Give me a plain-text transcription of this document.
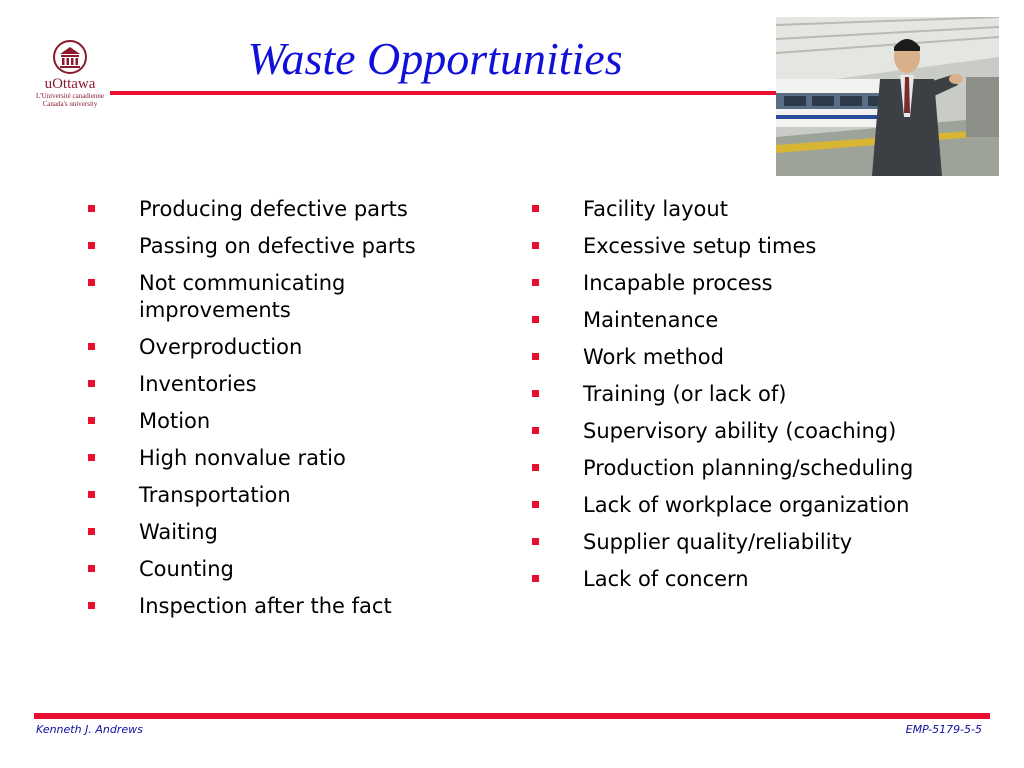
uOttawa
L'Université canadienne
Canada's university
Waste Opportunities
Producing defective parts
Passing on defective parts
Not communicating improvements
Overproduction
Inventories
Motion
High nonvalue ratio
Transportation
Waiting
Counting
Inspection after the fact
Facility layout
Excessive setup times
Incapable process
Maintenance
Work method
Training (or lack of)
Supervisory ability (coaching)
Production planning/scheduling
Lack of workplace organization
Supplier quality/reliability
Lack of concern
Kenneth J. Andrews	EMP-5179-5-5
